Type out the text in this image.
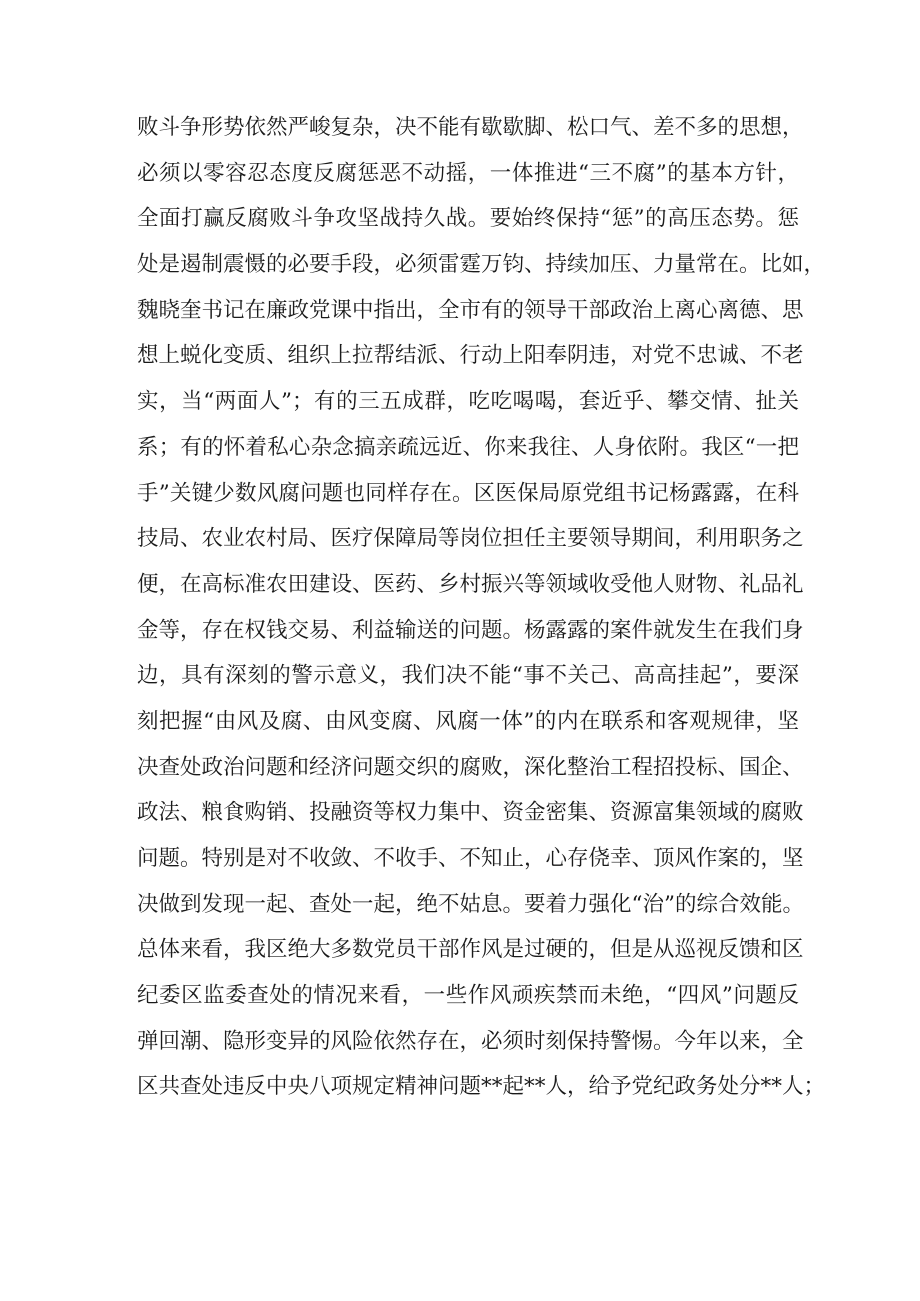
败斗争形势依然严峻复杂，决不能有歇歇脚、松口气、差不多的思想，
必须以零容忍态度反腐惩恶不动摇，一体推进“三不腐”的基本方针，
全面打赢反腐败斗争攻坚战持久战。要始终保持“惩”的高压态势。惩
处是遏制震慑的必要手段，必须雷霆万钧、持续加压、力量常在。比如，
魏晓奎书记在廉政党课中指出，全市有的领导干部政治上离心离德、思
想上蜕化变质、组织上拉帮结派、行动上阳奉阴违，对党不忠诚、不老
实，当“两面人”；有的三五成群，吃吃喝喝，套近乎、攀交情、扯关
系；有的怀着私心杂念搞亲疏远近、你来我往、人身依附。我区“一把
手”关键少数风腐问题也同样存在。区医保局原党组书记杨露露，在科
技局、农业农村局、医疗保障局等岗位担任主要领导期间，利用职务之
便，在高标准农田建设、医药、乡村振兴等领域收受他人财物、礼品礼
金等，存在权钱交易、利益输送的问题。杨露露的案件就发生在我们身
边，具有深刻的警示意义，我们决不能“事不关己、高高挂起”，要深
刻把握“由风及腐、由风变腐、风腐一体”的内在联系和客观规律，坚
决查处政治问题和经济问题交织的腐败，深化整治工程招投标、国企、
政法、粮食购销、投融资等权力集中、资金密集、资源富集领域的腐败
问题。特别是对不收敛、不收手、不知止，心存侥幸、顶风作案的，坚
决做到发现一起、查处一起，绝不姑息。要着力强化“治”的综合效能。
总体来看，我区绝大多数党员干部作风是过硬的，但是从巡视反馈和区
纪委区监委查处的情况来看，一些作风顽疾禁而未绝，“四风”问题反
弹回潮、隐形变异的风险依然存在，必须时刻保持警惕。今年以来，全
区共查处违反中央八项规定精神问题**起**人，给予党纪政务处分**人；
